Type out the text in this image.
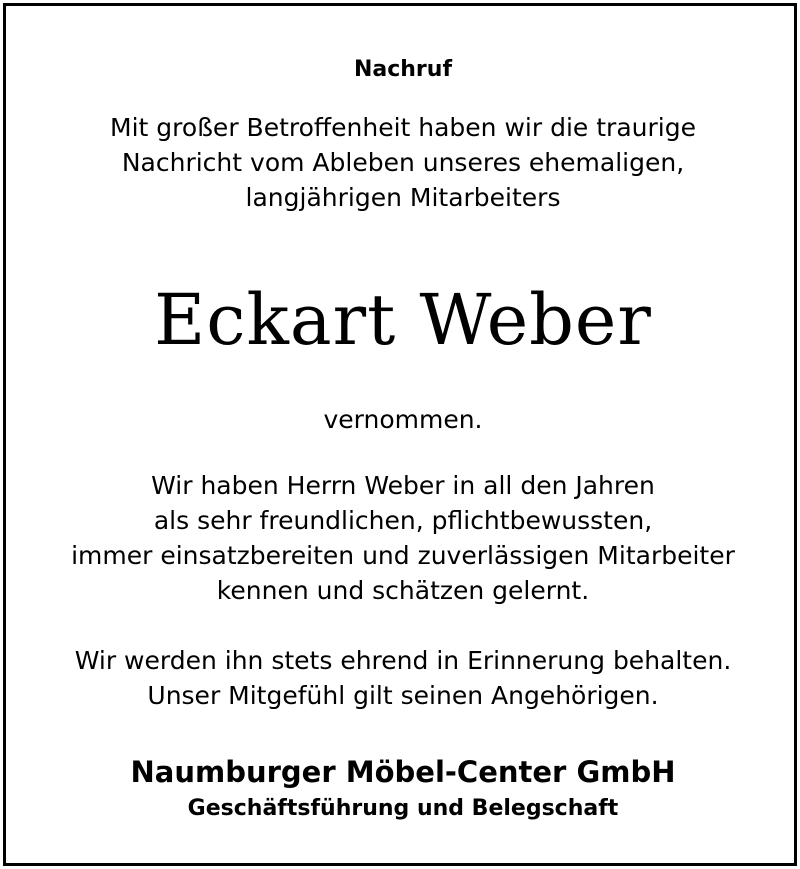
Nachruf

Mit großer Betroffenheit haben wir die traurige
Nachricht vom Ableben unseres ehemaligen,
langjährigen Mitarbeiters

Eckart Weber

vernommen.

Wir haben Herrn Weber in all den Jahren
als sehr freundlichen, pflichtbewussten,
immer einsatzbereiten und zuverlässigen Mitarbeiter
kennen und schätzen gelernt.
Wir werden ihn stets ehrend in Erinnerung behalten.
Unser Mitgefühl gilt seinen Angehörigen.

Naumburger Möbel-Center GmbH

Geschäftsführung und Belegschaft
